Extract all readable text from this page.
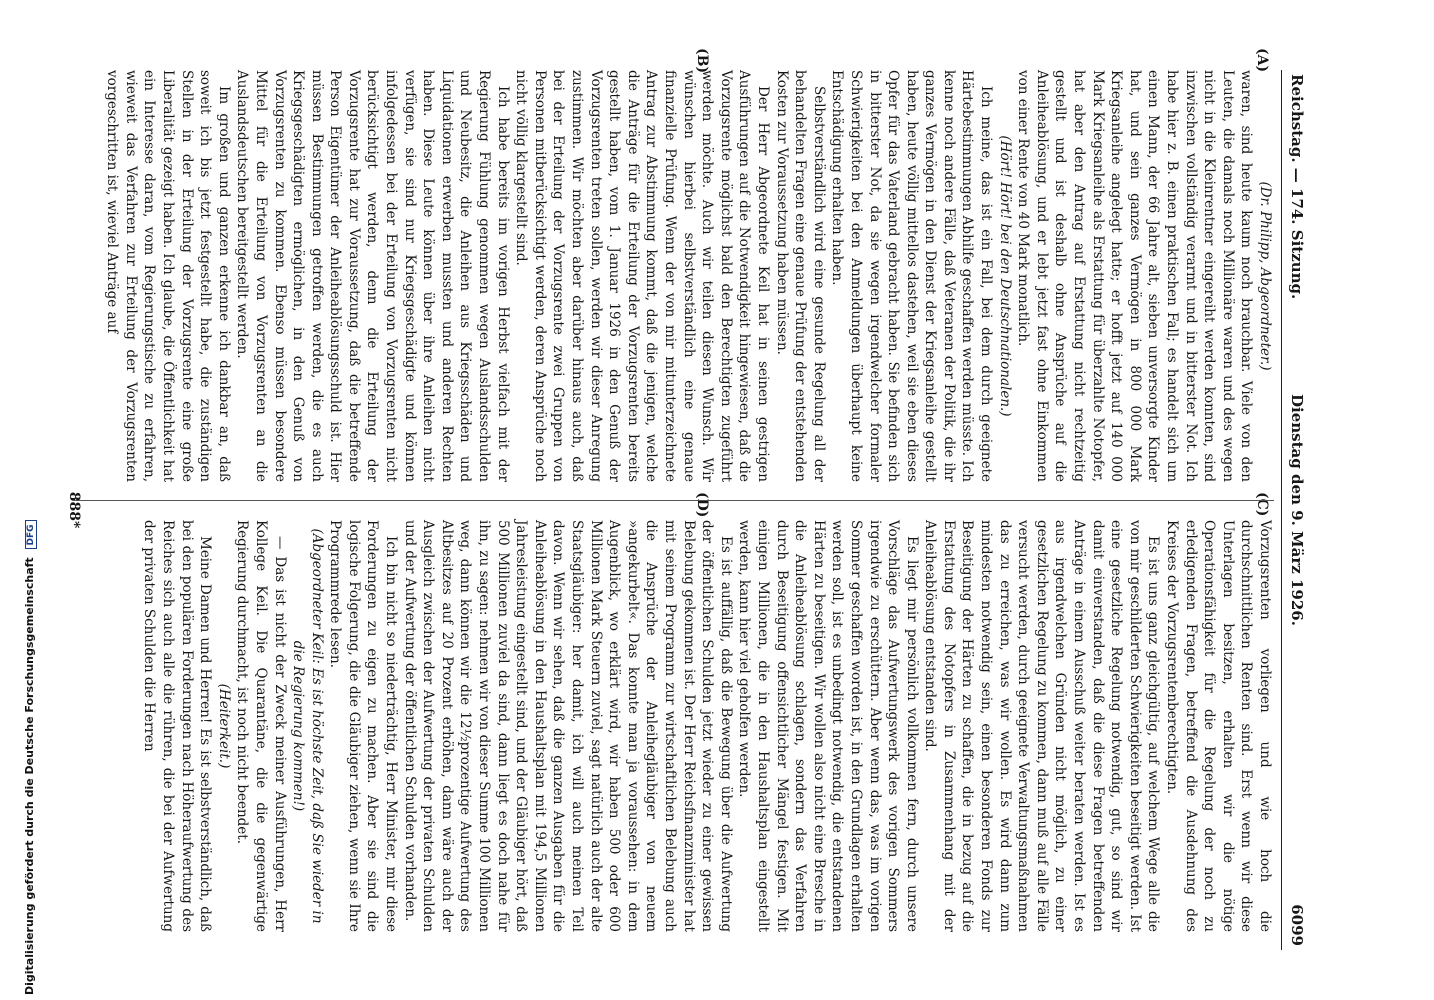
Reichstag. — 174. Sitzung.
Dienstag den 9. März 1926.
6099
(A)
(B)
(C)
(D)

(Dr. Philipp, Abgeordneter.)

waren, sind heute kaum noch brauchbar. Viele von den Leuten, die damals noch Millionäre waren und des wegen nicht in die Kleinrentner eingereiht werden konnten, sind inzwischen vollständig verarmt und in bitterster Not. Ich habe hier z. B. einen praktischen Fall; es handelt sich um einen Mann, der 66 Jahre alt, sieben unversorgte Kinder hat, und sein ganzes Vermögen in 800 000 Mark Kriegsanleihe angelegt hatte; er hofft jetzt auf 140 000 Mark Kriegsanleihe als Erstattung für überzahlte Notopfer, hat aber den Antrag auf Erstattung nicht rechtzeitig gestellt und ist deshalb ohne Ansprüche auf die Anleiheablösung, und er lebt jetzt fast ohne Einkommen von einer Rente von 40 Mark monatlich.

(Hört! Hört! bei den Deutschnationalen.)

Ich meine, das ist ein Fall, bei dem durch geeignete Härtebestimmungen Abhilfe geschaffen werden müsste. Ich kenne noch andere Fälle, daß Veteranen der Politik, die ihr ganzes Vermögen in den Dienst der Kriegsanleihe gestellt haben, heute völlig mittellos dastehen, weil sie eben dieses Opfer für das Vaterland gebracht haben. Sie befinden sich in bitterster Not, da sie wegen irgendwelcher formaler Schwierigkeiten bei den Anmeldungen überhaupt keine Entschädigung erhalten haben.

Selbstverständlich wird eine gesunde Regelung all der behandelten Fragen eine genaue Prüfung der entstehenden Kosten zur Voraussetzung haben müssen.

Der Herr Abgeordnete Keil hat in seinen gestrigen Ausführungen auf die Notwendigkeit hingewiesen, daß die Vorzugsrente möglichst bald den Berechtigten zugeführt werden möchte. Auch wir teilen diesen Wunsch. Wir wünschen hierbei selbstverständlich eine genaue finanzielle Prüfung. Wenn der von mir mitunterzeichnete Antrag zur Abstimmung kommt, daß die jenigen, welche die Anträge für die Erteilung der Vorzugsrenten bereits gestellt haben, vom 1. Januar 1926 in den Genuß der Vorzugsrenten treten sollen, werden wir dieser Anregung zustimmen. Wir möchten aber darüber hinaus auch, daß bei der Erteilung der Vorzugsrente zwei Gruppen von Personen mitberücksichtigt werden, deren Ansprüche noch nicht völlig klargestellt sind.

Ich habe bereits im vorigen Herbst vielfach mit der Regierung Fühlung genommen wegen Auslandsschulden und Neubesitz, die Anleihen aus Kriegsschäden und Liquidationen erwerben mussten und anderen Rechten haben. Diese Leute können über ihre Anleihen nicht verfügen, sie sind nur Kriegsgeschädigte und können infolgedessen bei der Erteilung von Vorzugsrenten nicht berücksichtigt werden, denn die Erteilung der Vorzugsrente hat zur Voraussetzung, daß die betreffende Person Eigentümer der Anleiheablösungsschuld ist. Hier müssen Bestimmungen getroffen werden, die es auch Kriegsgeschädigten ermöglichen, in den Genuß von Vorzugsrenten zu kommen. Ebenso müssen besondere Mittel für die Erteilung von Vorzugsrenten an die Auslandsdeutschen bereitgestellt werden.

Im großen und ganzen erkenne ich dankbar an, daß soweit ich bis jetzt festgestellt habe, die zuständigen Stellen in der Erteilung der Vorzugsrente eine große Liberalität gezeigt haben. Ich glaube, die Öffentlichkeit hat ein Interesse daran, vom Regierungstische zu erfahren, wieweit das Verfahren zur Erteilung der Vorzugsrenten vorgeschritten ist, wieviel Anträge auf

Vorzugsrenten vorliegen und wie hoch die durchschnittlichen Renten sind. Erst wenn wir diese Unterlagen besitzen, erhalten wir die nötige Operationsfähigkeit für die Regelung der noch zu erledigenden Fragen, betreffend die Ausdehnung des Kreises der Vorzugsrentenberechtigten.

Es ist uns ganz gleichgültig, auf welchem Wege alle die von mir geschilderten Schwierigkeiten beseitigt werden. Ist eine gesetzliche Regelung notwendig, gut, so sind wir damit einverstanden, daß die diese Fragen betreffenden Anträge in einem Ausschuß weiter beraten werden. Ist es aus irgendwelchen Gründen nicht möglich, zu einer gesetzlichen Regelung zu kommen, dann muß auf alle Fälle versucht werden, durch geeignete Verwaltungsmaßnahmen das zu erreichen, was wir wollen. Es wird dann zum mindesten notwendig sein, einen besonderen Fonds zur Beseitigung der Härten zu schaffen, die in bezug auf die Erstattung des Notopfers in Zusammenhang mit der Anleiheablösung entstanden sind.

Es liegt mir persönlich vollkommen fern, durch unsere Vorschläge das Aufwertungswerk des vorigen Sommers irgendwie zu erschüttern. Aber wenn das, was im vorigen Sommer geschaffen worden ist, in den Grundlagen erhalten werden soll, ist es unbedingt notwendig, die entstandenen Härten zu beseitigen. Wir wollen also nicht eine Bresche in die Anleiheablösung schlagen, sondern das Verfahren durch Beseitigung offensichtlicher Mängel festigen. Mit einigen Millionen, die in den Haushaltsplan eingestellt werden, kann hier viel geholfen werden.

Es ist auffällig, daß die Bewegung über die Aufwertung der öffentlichen Schulden jetzt wieder zu einer gewissen Belebung gekommen ist. Der Herr Reichsfinanzminister hat mit seinem Programm zur wirtschaftlichen Belebung auch die Ansprüche der Anleihegläubiger von neuem »angekurbelt«. Das konnte man ja voraussehen: in dem Augenblick, wo erklärt wird, wir haben 500 oder 600 Millionen Mark Steuern zuviel, sagt natürlich auch der alte Staatsgläubiger: her damit, ich will auch meinen Teil davon. Wenn wir sehen, daß die ganzen Ausgaben für die Anleiheablösung in den Haushaltsplan mit 194,5 Millionen Jahresleistung eingestellt sind, und der Gläubiger hört, daß 500 Millionen zuviel da sind, dann liegt es doch nahe für ihn, zu sagen: nehmen wir von dieser Summe 100 Millionen weg, dann können wir die 12½prozentige Aufwertung des Altbesitzes auf 20 Prozent erhöhen, dann wäre auch der Ausgleich zwischen der Aufwertung der privaten Schulden und der Aufwertung der öffentlichen Schulden vorhanden.

Ich bin nicht so niederträchtig, Herr Minister, mir diese Forderungen zu eigen zu machen. Aber sie sind die logische Folgerung, die die Gläubiger ziehen, wenn sie Ihre Programmrede lesen.

(Abgeordneter Keil: Es ist höchste Zeit, daß Sie wieder in die Regierung kommen!)

— Das ist nicht der Zweck meiner Ausführungen, Herr Kollege Keil. Die Quarantäne, die die gegenwärtige Regierung durchmacht, ist noch nicht beendet.

(Heiterkeit.)

Meine Damen und Herren! Es ist selbstverständlich, daß bei den populären Forderungen nach Höheraufwertung des Reiches sich auch alle die rühren, die bei der Aufwertung der privaten Schulden die Herren

888*
Digitalisierung gefördert durch die Deutsche Forschungsgemeinschaft DFG
